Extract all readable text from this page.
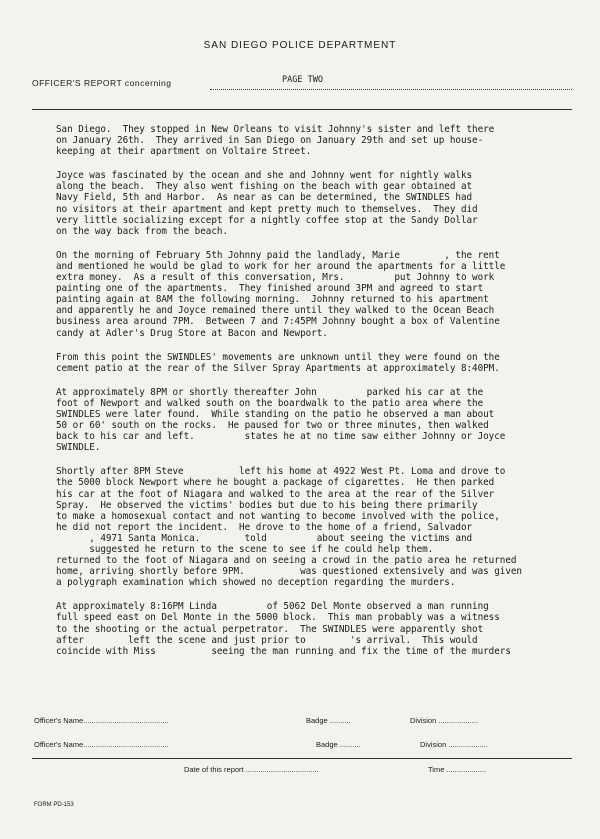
SAN DIEGO POLICE DEPARTMENT
OFFICER'S REPORT concerning	PAGE TWO
San Diego.  They stopped in New Orleans to visit Johnny's sister and left there
on January 26th.  They arrived in San Diego on January 29th and set up house-
keeping at their apartment on Voltaire Street.
Joyce was fascinated by the ocean and she and Johnny went for nightly walks
along the beach.  They also went fishing on the beach with gear obtained at
Navy Field, 5th and Harbor.  As near as can be determined, the SWINDLES had
no visitors at their apartment and kept pretty much to themselves.  They did
very little socializing except for a nightly coffee stop at the Sandy Dollar
on the way back from the beach.
On the morning of February 5th Johnny paid the landlady, Marie        , the rent
and mentioned he would be glad to work for her around the apartments for a little
extra money.  As a result of this conversation, Mrs.         put Johnny to work
painting one of the apartments.  They finished around 3PM and agreed to start
painting again at 8AM the following morning.  Johnny returned to his apartment
and apparently he and Joyce remained there until they walked to the Ocean Beach
business area around 7PM.  Between 7 and 7:45PM Johnny bought a box of Valentine
candy at Adler's Drug Store at Bacon and Newport.
From this point the SWINDLES' movements are unknown until they were found on the
cement patio at the rear of the Silver Spray Apartments at approximately 8:40PM.
At approximately 8PM or shortly thereafter John         parked his car at the
foot of Newport and walked south on the boardwalk to the patio area where the
SWINDLES were later found.  While standing on the patio he observed a man about
50 or 60' south on the rocks.  He paused for two or three minutes, then walked
back to his car and left.         states he at no time saw either Johnny or Joyce
SWINDLE.
Shortly after 8PM Steve          left his home at 4922 West Pt. Loma and drove to
the 5000 block Newport where he bought a package of cigarettes.  He then parked
his car at the foot of Niagara and walked to the area at the rear of the Silver
Spray.  He observed the victims' bodies but due to his being there primarily
to make a homosexual contact and not wanting to become involved with the police,
he did not report the incident.  He drove to the home of a friend, Salvador
, 4971 Santa Monica.        told         about seeing the victims and
suggested he return to the scene to see if he could help them.
returned to the foot of Niagara and on seeing a crowd in the patio area he returned
home, arriving shortly before 9PM.          was questioned extensively and was given
a polygraph examination which showed no deception regarding the murders.
At approximately 8:16PM Linda         of 5062 Del Monte observed a man running
full speed east on Del Monte in the 5000 block.  This man probably was a witness
to the shooting or the actual perpetrator.  The SWINDLES were apparently shot
after        left the scene and just prior to        's arrival.  This would
coincide with Miss          seeing the man running and fix the time of the murders
Officer's Name.........................................	Badge ..........	Division ...................
Officer's Name.........................................	Badge ..........	Division ...................
Date of this report ...................................	Time ...................
FORM PD-153
